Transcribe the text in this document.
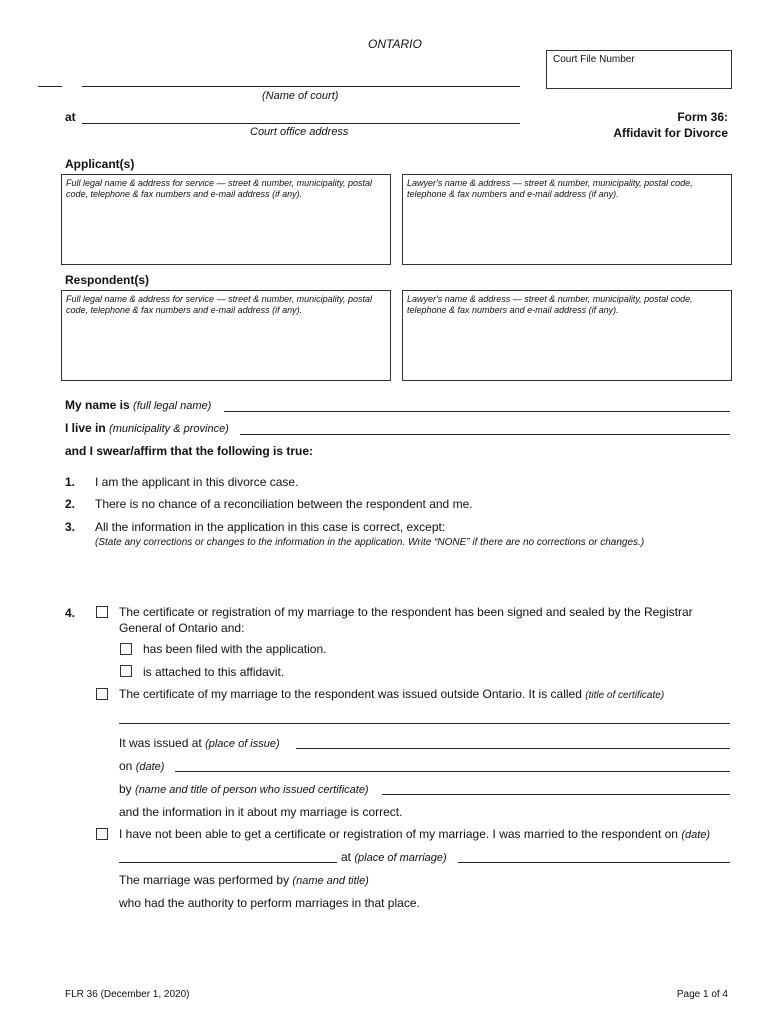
ONTARIO
Court File Number
(Name of court)
at
Court office address
Form 36:
Affidavit for Divorce
Applicant(s)
Full legal name & address for service — street & number, municipality, postal code, telephone & fax numbers and e-mail address (if any).
Lawyer's name & address — street & number, municipality, postal code, telephone & fax numbers and e-mail address (if any).
Respondent(s)
Full legal name & address for service — street & number, municipality, postal code, telephone & fax numbers and e-mail address (if any).
Lawyer's name & address — street & number, municipality, postal code, telephone & fax numbers and e-mail address (if any).
My name is (full legal name)
I live in (municipality & province)
and I swear/affirm that the following is true:
1. I am the applicant in this divorce case.
2. There is no chance of a reconciliation between the respondent and me.
3. All the information in the application in this case is correct, except:
(State any corrections or changes to the information in the application. Write “NONE” if there are no corrections or changes.)
4.	The certificate or registration of my marriage to the respondent has been signed and sealed by the Registrar
General of Ontario and:
has been filed with the application.
is attached to this affidavit.
The certificate of my marriage to the respondent was issued outside Ontario. It is called (title of certificate)
It was issued at (place of issue)
on (date)
by (name and title of person who issued certificate)
and the information in it about my marriage is correct.
I have not been able to get a certificate or registration of my marriage. I was married to the respondent on (date)
at (place of marriage)
The marriage was performed by (name and title)
who had the authority to perform marriages in that place.
FLR 36 (December 1, 2020)	Page 1 of 4
